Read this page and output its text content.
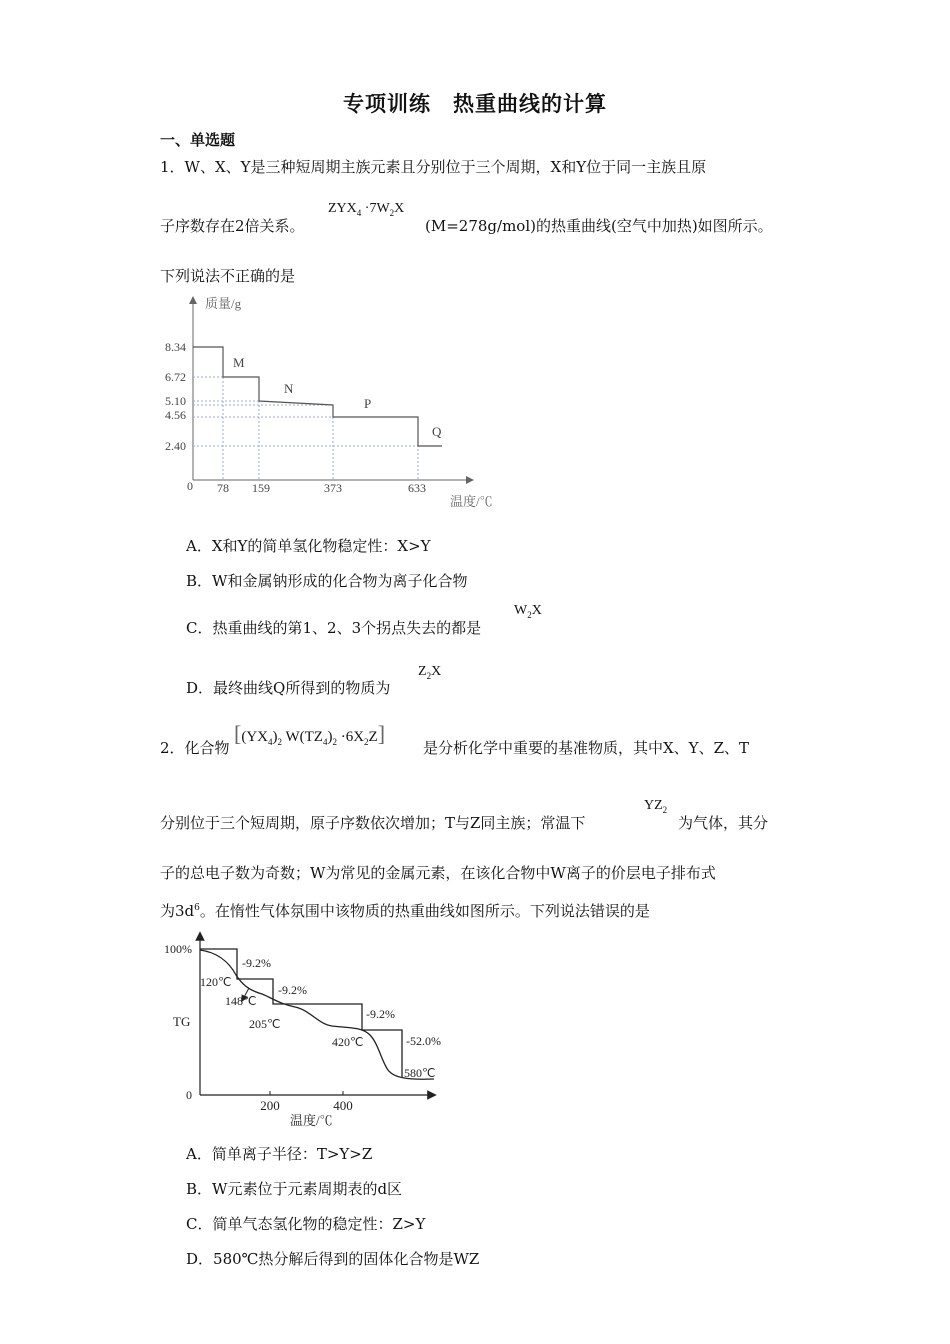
专项训练　热重曲线的计算
一、单选题
1．W、X、Y是三种短周期主族元素且分别位于三个周期，X和Y位于同一主族且原
子序数存在2倍关系。
$ZYX_4 \cdot 7W_2X$
(M=278g/mol)的热重曲线(空气中加热)如图所示。
下列说法不正确的是
质量/g
温度/℃
8.34
6.72
5.10
4.56
2.40
0 78 159	373	633
M
N
P
Q
A．X和Y的简单氢化物稳定性：X>Y
B．W和金属钠形成的化合物为离子化合物
C．热重曲线的第1、2、3个拐点失去的都是
$W_2X$
D．最终曲线Q所得到的物质为
$Z_2X$
2．化合物
[$(YX_4)_2$ $W(TZ_4)_2 \cdot 6X_2Z$]
是分析化学中重要的基准物质，其中X、Y、Z、T
分别位于三个短周期，原子序数依次增加；T与Z同主族；常温下
$YZ_2$
为气体，其分
子的总电子数为奇数；W为常见的金属元素，在该化合物中W离子的价层电子排布式
为$3d^6$。在惰性气体氛围中该物质的热重曲线如图所示。下列说法错误的是
100%
0
TG
200	400
温度/℃
-9.2%
-9.2%
-9.2%
-52.0%
120℃
148℃
205℃
420℃
580℃
A．简单离子半径：T>Y>Z
B．W元素位于元素周期表的d区
C．简单气态氢化物的稳定性：Z>Y
D．580℃热分解后得到的固体化合物是WZ
